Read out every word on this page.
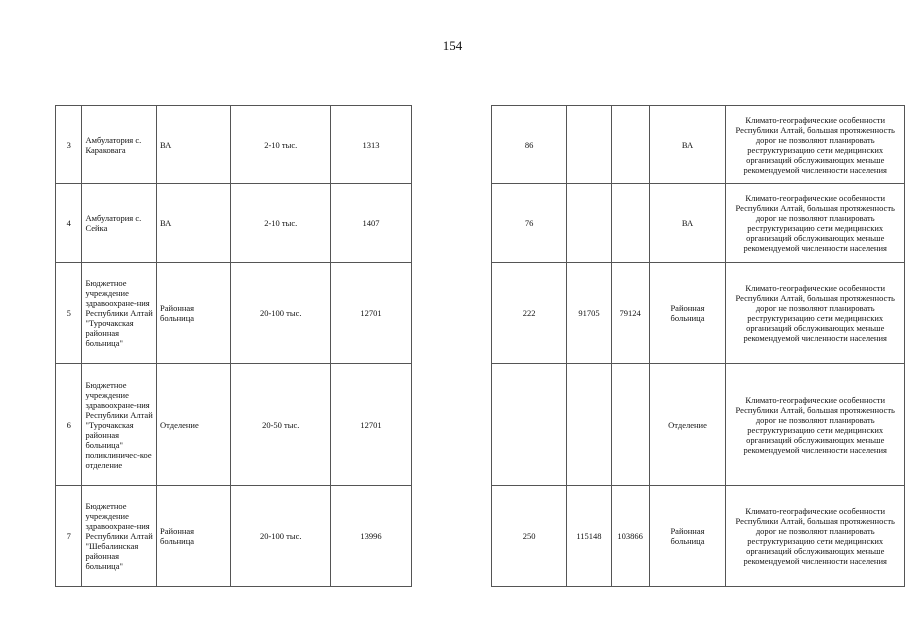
154
3	Амбулатория с. Караковага	ВА	2-10 тыс.	1313		86			ВА	Климато-географические особенности Республики Алтай, большая протяженность дорог не позволяют планировать реструктуризацию сети медицинских организаций обслуживающих меньше рекомендуемой численности населения
4	Амбулатория с. Сейка	ВА	2-10 тыс.	1407		76			ВА	Климато-географические особенности Республики Алтай, большая протяженность дорог не позволяют планировать реструктуризацию сети медицинских организаций обслуживающих меньше рекомендуемой численности населения
5	Бюджетное учреждение здравоохране-ния Республики Алтай "Турочакская районная больница"	Районная больница	20-100 тыс.	12701		222	91705	79124	Районная больница	Климато-географические особенности Республики Алтай, большая протяженность дорог не позволяют планировать реструктуризацию сети медицинских организаций обслуживающих меньше рекомендуемой численности населения
6	Бюджетное учреждение здравоохране-ния Республики Алтай "Турочакская районная больница" поликлиничес-кое отделение	Отделение	20-50 тыс.	12701					Отделение	Климато-географические особенности Республики Алтай, большая протяженность дорог не позволяют планировать реструктуризацию сети медицинских организаций обслуживающих меньше рекомендуемой численности населения
7	Бюджетное учреждение здравоохране-ния Республики Алтай "Шебалинская районная больница"	Районная больница	20-100 тыс.	13996		250	115148	103866	Районная больница	Климато-географические особенности Республики Алтай, большая протяженность дорог не позволяют планировать реструктуризацию сети медицинских организаций обслуживающих меньше рекомендуемой численности населения
